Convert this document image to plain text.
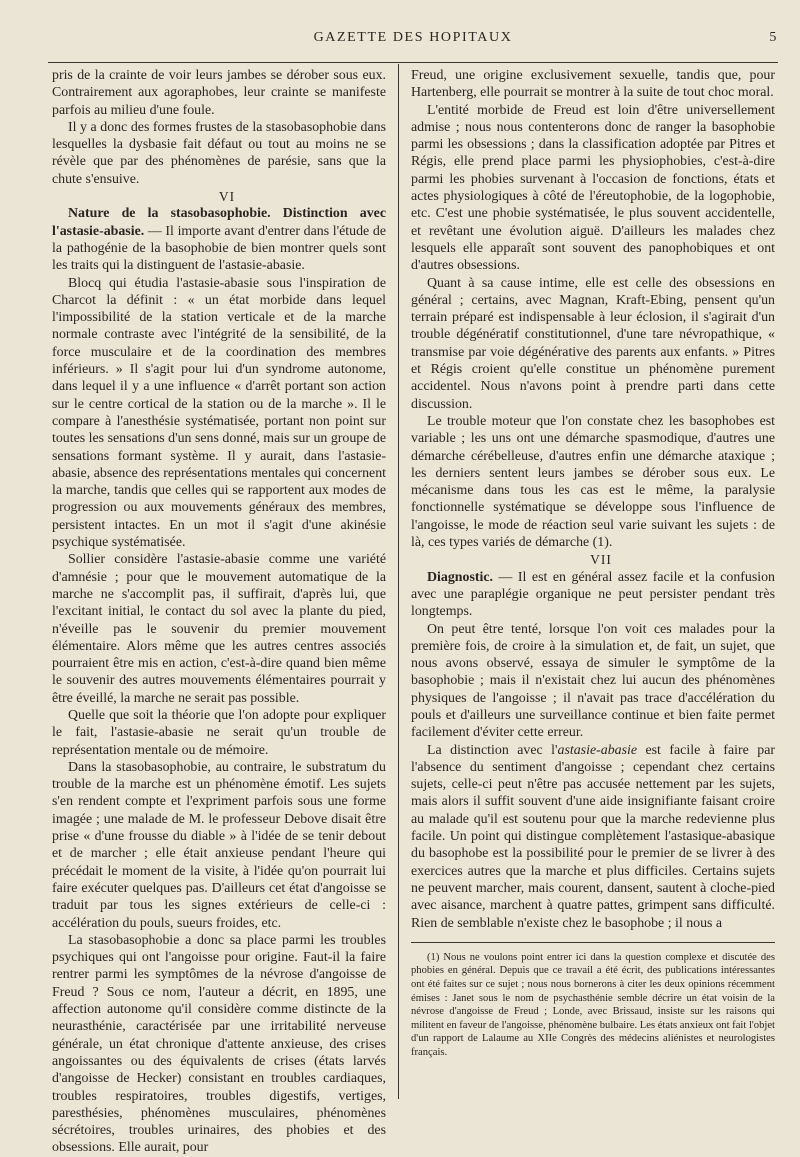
GAZETTE DES HOPITAUX	5

pris de la crainte de voir leurs jambes se dérober sous eux. Contrairement aux agoraphobes, leur crainte se manifeste parfois au milieu d'une foule.

Il y a donc des formes frustes de la stasobasophobie dans lesquelles la dysbasie fait défaut ou tout au moins ne se révèle que par des phénomènes de parésie, sans que la chute s'ensuive.

VI

Nature de la stasobasophobie. Distinction avec l'astasie-abasie. — Il importe avant d'entrer dans l'étude de la pathogénie de la basophobie de bien montrer quels sont les traits qui la distinguent de l'astasie-abasie.

Blocq qui étudia l'astasie-abasie sous l'inspiration de Charcot la définit : « un état morbide dans lequel l'impossibilité de la station verticale et de la marche normale contraste avec l'intégrité de la sensibilité, de la force musculaire et de la coordination des membres inférieurs. » Il s'agit pour lui d'un syndrome autonome, dans lequel il y a une influence « d'arrêt portant son action sur le centre cortical de la station ou de la marche ». Il le compare à l'anesthésie systématisée, portant non point sur toutes les sensations d'un sens donné, mais sur un groupe de sensations formant système. Il y aurait, dans l'astasie-abasie, absence des représentations mentales qui concernent la marche, tandis que celles qui se rapportent aux modes de progression ou aux mouvements généraux des membres, persistent intactes. En un mot il s'agit d'une akinésie psychique systématisée.

Sollier considère l'astasie-abasie comme une variété d'amnésie ; pour que le mouvement automatique de la marche ne s'accomplit pas, il suffirait, d'après lui, que l'excitant initial, le contact du sol avec la plante du pied, n'éveille pas le souvenir du premier mouvement élémentaire. Alors même que les autres centres associés pourraient être mis en action, c'est-à-dire quand bien même le souvenir des autres mouvements élémentaires pourrait y être éveillé, la marche ne serait pas possible.

Quelle que soit la théorie que l'on adopte pour expliquer le fait, l'astasie-abasie ne serait qu'un trouble de représentation mentale ou de mémoire.

Dans la stasobasophobie, au contraire, le substratum du trouble de la marche est un phénomène émotif. Les sujets s'en rendent compte et l'expriment parfois sous une forme imagée ; une malade de M. le professeur Debove disait être prise « d'une frousse du diable » à l'idée de se tenir debout et de marcher ; elle était anxieuse pendant l'heure qui précédait le moment de la visite, à l'idée qu'on pourrait lui faire exécuter quelques pas. D'ailleurs cet état d'angoisse se traduit par tous les signes extérieurs de celle-ci : accélération du pouls, sueurs froides, etc.

La stasobasophobie a donc sa place parmi les troubles psychiques qui ont l'angoisse pour origine. Faut-il la faire rentrer parmi les symptômes de la névrose d'angoisse de Freud ? Sous ce nom, l'auteur a décrit, en 1895, une affection autonome qu'il considère comme distincte de la neurasthénie, caractérisée par une irritabilité nerveuse générale, un état chronique d'attente anxieuse, des crises angoissantes ou des équivalents de crises (états larvés d'angoisse de Hecker) consistant en troubles cardiaques, troubles respiratoires, troubles digestifs, vertiges, paresthésies, phénomènes musculaires, phénomènes sécrétoires, troubles urinaires, des phobies et des obsessions. Elle aurait, pour

Freud, une origine exclusivement sexuelle, tandis que, pour Hartenberg, elle pourrait se montrer à la suite de tout choc moral.

L'entité morbide de Freud est loin d'être universellement admise ; nous nous contenterons donc de ranger la basophobie parmi les obsessions ; dans la classification adoptée par Pitres et Régis, elle prend place parmi les physiophobies, c'est-à-dire parmi les phobies survenant à l'occasion de fonctions, états et actes physiologiques à côté de l'éreutophobie, de la logophobie, etc. C'est une phobie systématisée, le plus souvent accidentelle, et revêtant une évolution aiguë. D'ailleurs les malades chez lesquels elle apparaît sont souvent des panophobiques et ont d'autres obsessions.

Quant à sa cause intime, elle est celle des obsessions en général ; certains, avec Magnan, Kraft-Ebing, pensent qu'un terrain préparé est indispensable à leur éclosion, il s'agirait d'un trouble dégénératif constitutionnel, d'une tare névropathique, « transmise par voie dégénérative des parents aux enfants. » Pitres et Régis croient qu'elle constitue un phénomène purement accidentel. Nous n'avons point à prendre parti dans cette discussion.

Le trouble moteur que l'on constate chez les basophobes est variable ; les uns ont une démarche spasmodique, d'autres une démarche cérébelleuse, d'autres enfin une démarche ataxique ; les derniers sentent leurs jambes se dérober sous eux. Le mécanisme dans tous les cas est le même, la paralysie fonctionnelle systématique se développe sous l'influence de l'angoisse, le mode de réaction seul varie suivant les sujets : de là, ces types variés de démarche (1).

VII

Diagnostic. — Il est en général assez facile et la confusion avec une paraplégie organique ne peut persister pendant très longtemps.

On peut être tenté, lorsque l'on voit ces malades pour la première fois, de croire à la simulation et, de fait, un sujet, que nous avons observé, essaya de simuler le symptôme de la basophobie ; mais il n'existait chez lui aucun des phénomènes physiques de l'angoisse ; il n'avait pas trace d'accélération du pouls et d'ailleurs une surveillance continue et bien faite permet facilement d'éviter cette erreur.

La distinction avec l'astasie-abasie est facile à faire par l'absence du sentiment d'angoisse ; cependant chez certains sujets, celle-ci peut n'être pas accusée nettement par les sujets, mais alors il suffit souvent d'une aide insignifiante faisant croire au malade qu'il est soutenu pour que la marche redevienne plus facile. Un point qui distingue complètement l'astasique-abasique du basophobe est la possibilité pour le premier de se livrer à des exercices autres que la marche et plus difficiles. Certains sujets ne peuvent marcher, mais courent, dansent, sautent à cloche-pied avec aisance, marchent à quatre pattes, grimpent sans difficulté. Rien de semblable n'existe chez le basophobe ; il nous a

(1) Nous ne voulons point entrer ici dans la question complexe et discutée des phobies en général. Depuis que ce travail a été écrit, des publications intéressantes ont été faites sur ce sujet ; nous nous bornerons à citer les deux opinions récemment émises : Janet sous le nom de psychasthénie semble décrire un état voisin de la névrose d'angoisse de Freud ; Londe, avec Brissaud, insiste sur les raisons qui militent en faveur de l'angoisse, phénomène bulbaire. Les états anxieux ont fait l'objet d'un rapport de Lalaume au XIIe Congrès des médecins aliénistes et neurologistes français.
